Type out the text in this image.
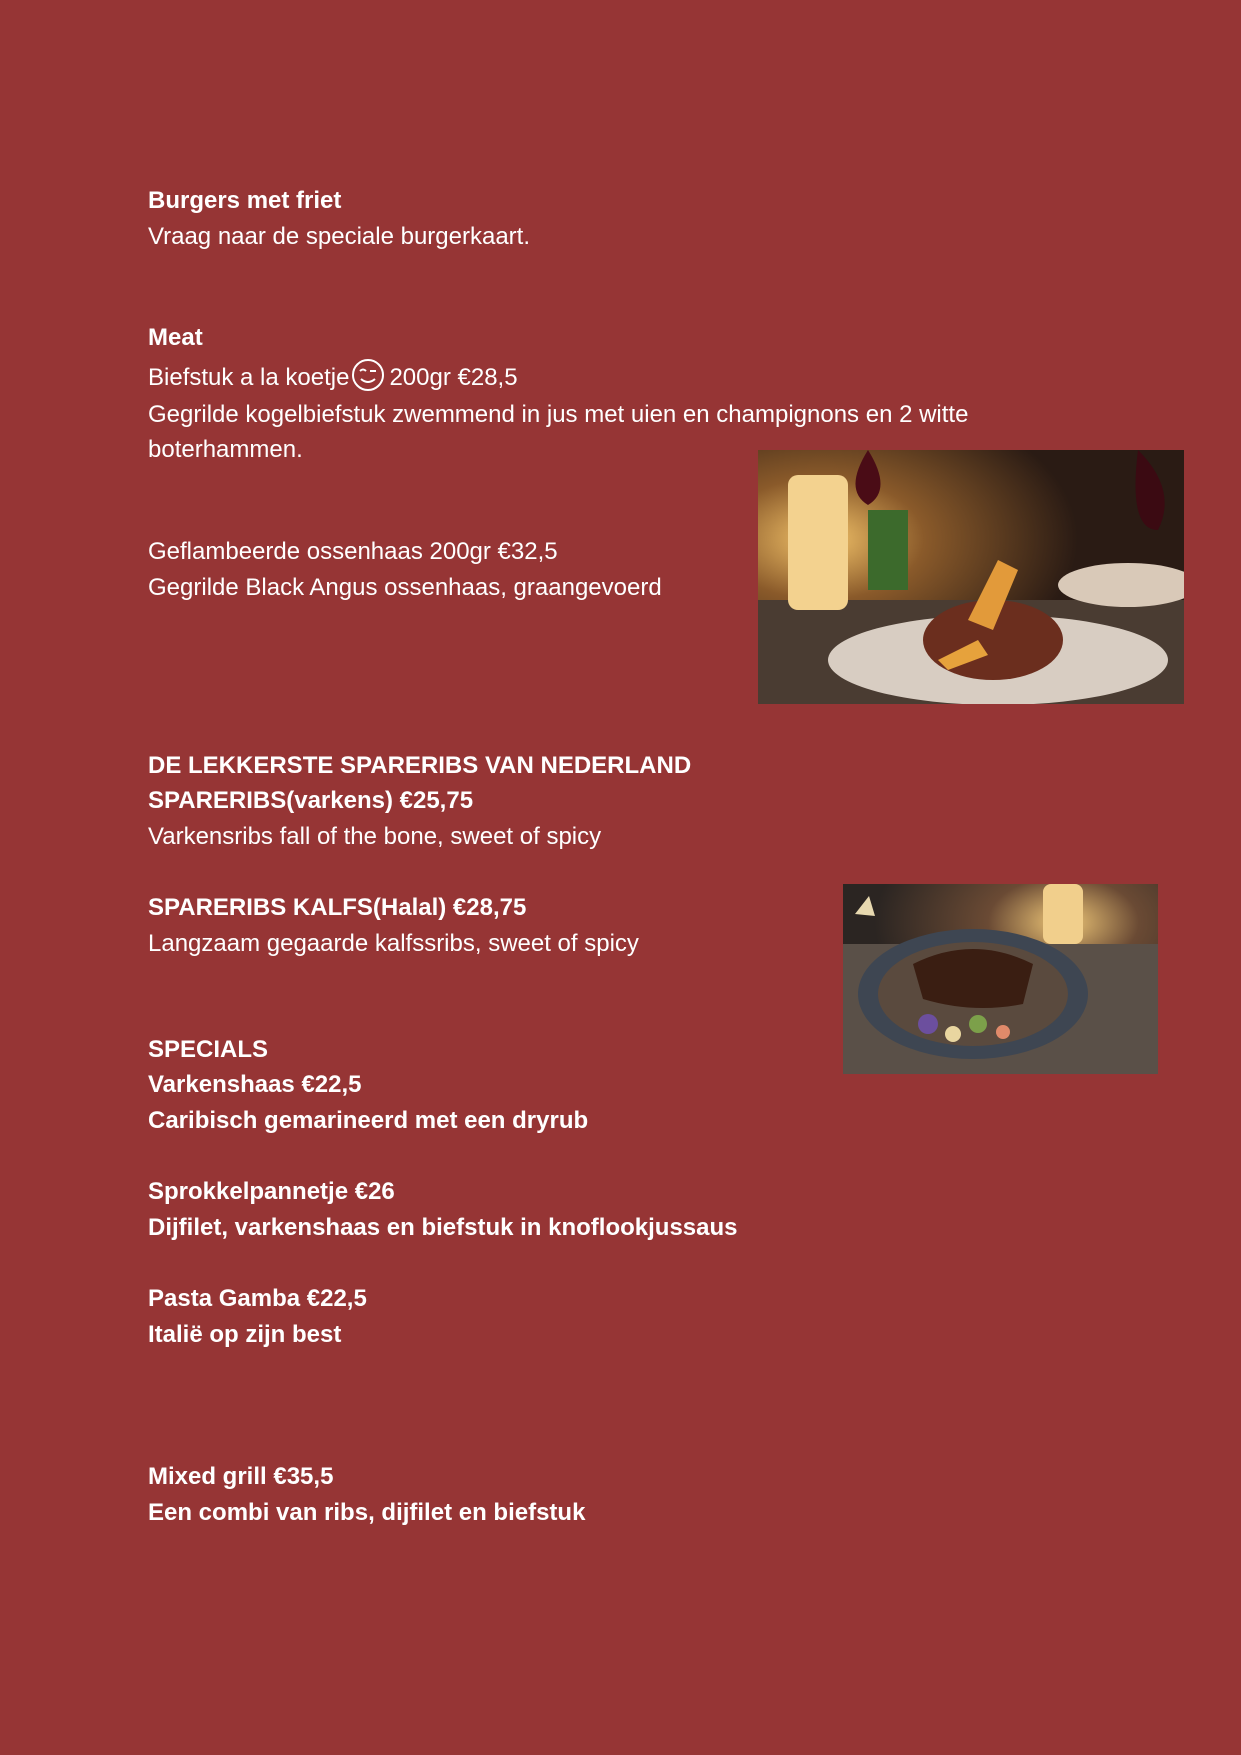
Burgers met friet
Vraag naar de speciale burgerkaart.
Meat
Biefstuk a la koetje 200gr €28,5
Gegrilde kogelbiefstuk zwemmend in jus met uien en champignons en 2 witte boterhammen.
Geflambeerde ossenhaas 200gr €32,5
Gegrilde Black Angus ossenhaas, graangevoerd
DE LEKKERSTE SPARERIBS VAN NEDERLAND
SPARERIBS(varkens) €25,75
Varkensribs fall of the bone, sweet of spicy
SPARERIBS KALFS(Halal) €28,75
Langzaam gegaarde kalfssribs, sweet of spicy
SPECIALS
Varkenshaas €22,5
Caribisch gemarineerd met een dryrub
Sprokkelpannetje €26
Dijfilet, varkenshaas en biefstuk in knoflookjussaus
Pasta Gamba €22,5
Italië op zijn best
Mixed grill €35,5
Een combi van ribs, dijfilet en biefstuk
